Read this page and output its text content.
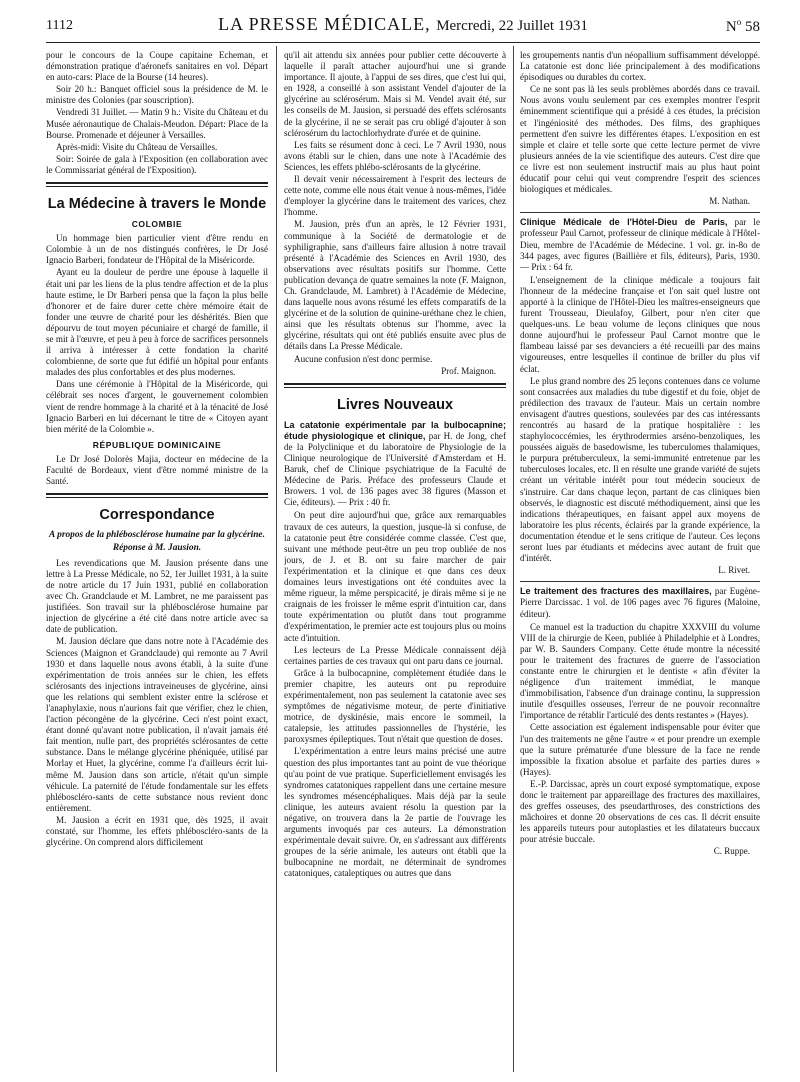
1112	LA PRESSE MÉDICALE, Mercredi, 22 Juillet 1931	$N^o$ 58

pour le concours de la Coupe capitaine Echeman, et démonstration pratique d'aéronefs sanitaires en vol. Départ en auto-cars: Place de la Bourse (14 heures).

Soir 20 h.: Banquet officiel sous la présidence de M. le ministre des Colonies (par souscription).

Vendredi 31 Juillet. — Matin 9 h.: Visite du Château et du Musée aéronautique de Chalais-Meudon. Départ: Place de la Bourse. Promenade et déjeuner à Versailles.

Après-midi: Visite du Château de Versailles.

Soir: Soirée de gala à l'Exposition (en collaboration avec le Commissariat général de l'Exposition).

La Médecine à travers le Monde
COLOMBIE

Un hommage bien particulier vient d'être rendu en Colombie à un de nos distingués confrères, le Dr José Ignacio Barberi, fondateur de l'Hôpital de la Miséricorde.

Ayant eu la douleur de perdre une épouse à laquelle il était uni par les liens de la plus tendre affection et de la plus haute estime, le Dr Barberi pensa que la façon la plus belle d'honorer et de faire durer cette chère mémoire était de fonder une œuvre de charité pour les déshérités. Bien que dépourvu de tout moyen pécuniaire et chargé de famille, il se mit à l'œuvre, et peu à peu à force de sacrifices personnels il arriva à intéresser à cette fondation la charité colombienne, de sorte que fut édifié un hôpital pour enfants malades des plus confortables et des plus modernes.

Dans une cérémonie à l'Hôpital de la Miséricorde, qui célébrait ses noces d'argent, le gouvernement colombien vient de rendre hommage à la charité et à la ténacité de José Ignacio Barberi en lui décernant le titre de « Citoyen ayant bien mérité de la Colombie ».

RÉPUBLIQUE DOMINICAINE

Le Dr José Dolorès Majia, docteur en médecine de la Faculté de Bordeaux, vient d'être nommé ministre de la Santé.

Correspondance
A propos de la phlébosclérose humaine par la glycérine.
Réponse à M. Jausion.

Les revendications que M. Jausion présente dans une lettre à La Presse Médicale, no 52, 1er Juillet 1931, à la suite de notre article du 17 Juin 1931, publié en collaboration avec Ch. Grandclaude et M. Lambret, ne me paraissent pas justifiées. Son travail sur la phlébosclérose humaine par injection de glycérine a été cité dans notre article avec sa date de publication.

M. Jausion déclare que dans notre note à l'Académie des Sciences (Maignon et Grandclaude) qui remonte au 7 Avril 1930 et dans laquelle nous avons établi, à la suite d'une expérimentation de trois années sur le chien, les effets sclérosants des injections intraveineuses de glycérine, ainsi que les relations qui semblent exister entre la sclérose et l'anaphylaxie, nous n'aurions fait que vérifier, chez le chien, l'action pécongène de la glycérine. Ceci n'est point exact, étant donné qu'avant notre publication, il n'avait jamais été fait mention, nulle part, des propriétés sclérosantes de cette substance. Dans le mélange glycérine phéniquée, utilisé par Morlay et Huet, la glycérine, comme l'a d'ailleurs écrit lui-même M. Jausion dans son article, n'était qu'un simple véhicule. La paternité de l'étude fondamentale sur les effets phléboscléro-sants de cette substance nous revient donc entièrement.

M. Jausion a écrit en 1931 que, dès 1925, il avait constaté, sur l'homme, les effets phléboscléro-sants de la glycérine. On comprend alors difficilement

qu'il ait attendu six années pour publier cette découverte à laquelle il paraît attacher aujourd'hui une si grande importance. Il ajoute, à l'appui de ses dires, que c'est lui qui, en 1928, a conseillé à son assistant Vendel d'ajouter de la glycérine au sclérosérum. Mais si M. Vendel avait été, sur les conseils de M. Jausion, si persuadé des effets sclérosants de la glycérine, il ne se serait pas cru obligé d'ajouter à son sclérosérum du lactochlorhydrate d'urée et de quinine.

Les faits se résument donc à ceci. Le 7 Avril 1930, nous avons établi sur le chien, dans une note à l'Académie des Sciences, les effets phlébo-sclérosants de la glycérine.

Il devait venir nécessairement à l'esprit des lecteurs de cette note, comme elle nous était venue à nous-mêmes, l'idée d'employer la glycérine dans le traitement des varices, chez l'homme.

M. Jausion, près d'un an après, le 12 Février 1931, communique à la Société de dermatologie et de syphiligraphie, sans d'ailleurs faire allusion à notre travail présenté à l'Académie des Sciences en Avril 1930, des observations avec résultats positifs sur l'homme. Cette publication devança de quatre semaines la note (F. Maignon, Ch. Grandclaude, M. Lambret) à l'Académie de Médecine, dans laquelle nous avons résumé les effets comparatifs de la glycérine et de la solution de quinine-uréthane chez le chien, ainsi que les résultats obtenus sur l'homme, avec la glycérine, résultats qui ont été publiés ensuite avec plus de détails dans La Presse Médicale.

Aucune confusion n'est donc permise.

Prof. Maignon.
Livres Nouveaux
La catatonie expérimentale par la bulbocapnine; étude physiologique et clinique, par H. de Jong, chef de la Polyclinique et du laboratoire de Physiologie de la Clinique neurologique de l'Université d'Amsterdam et H. Baruk, chef de Clinique psychiatrique de la Faculté de Médecine de Paris. Préface des professeurs Claude et Browers. 1 vol. de 136 pages avec 38 figures (Masson et Cie, éditeurs). — Prix : 40 fr.

On peut dire aujourd'hui que, grâce aux remarquables travaux de ces auteurs, la question, jusque-là si confuse, de la catatonie peut être considérée comme classée. C'est que, suivant une méthode peut-être un peu trop oubliée de nos jours, de J. et B. ont su faire marcher de pair l'expérimentation et la clinique et que dans ces deux domaines leurs investigations ont été conduites avec la même rigueur, la même perspicacité, je dirais même si je ne craignais de les froisser le même esprit d'intuition car, dans toute expérimentation ou plutôt dans tout programme d'expérimentation, le premier acte est toujours plus ou moins acte d'intuition.

Les lecteurs de La Presse Médicale connaissent déjà certaines parties de ces travaux qui ont paru dans ce journal.

Grâce à la bulbocapnine, complètement étudiée dans le premier chapitre, les auteurs ont pu reproduire expérimentalement, non pas seulement la catatonie avec ses symptômes de négativisme moteur, de perte d'initiative motrice, de dyskinésie, mais encore le sommeil, la catalepsie, les attitudes passionnelles de l'hystérie, les paroxysmes épileptiques. Tout n'était que question de doses.

L'expérimentation a entre leurs mains précisé une autre question des plus importantes tant au point de vue théorique qu'au point de vue pratique. Superficiellement envisagés les syndromes catatoniques rappellent dans une certaine mesure les syndromes mésencéphaliques. Mais déjà par la seule clinique, les auteurs avaient résolu la question par la négative, on trouvera dans la 2e partie de l'ouvrage les arguments invoqués par ces auteurs. La démonstration expérimentale devait suivre. Or, en s'adressant aux différents groupes de la série animale, les auteurs ont établi que la bulbocapnine ne mordait, ne déterminait de syndromes catatoniques, cataleptiques ou autres que dans

les groupements nantis d'un néopallium suffisamment développé. La catatonie est donc liée principalement à des modifications épisodiques ou durables du cortex.

Ce ne sont pas là les seuls problèmes abordés dans ce travail. Nous avons voulu seulement par ces exemples montrer l'esprit éminemment scientifique qui a présidé à ces études, la précision et l'ingéniosité des méthodes. Des films, des graphiques permettent d'en suivre les différentes étapes. L'exposition en est simple et claire et telle sorte que cette lecture permet de vivre plusieurs années de la vie scientifique des auteurs. C'est dire que ce livre est non seulement instructif mais au plus haut point éducatif pour celui qui veut comprendre l'esprit des sciences biologiques et médicales.

M. Nathan.
Clinique Médicale de l'Hôtel-Dieu de Paris, par le professeur Paul Carnot, professeur de clinique médicale à l'Hôtel-Dieu, membre de l'Académie de Médecine. 1 vol. gr. in-8o de 344 pages, avec figures (Baillière et fils, éditeurs), Paris, 1930. — Prix : 64 fr.

L'enseignement de la clinique médicale a toujours fait l'honneur de la médecine française et l'on sait quel lustre ont apporté à la clinique de l'Hôtel-Dieu les maîtres-enseigneurs que furent Trousseau, Dieulafoy, Gilbert, pour n'en citer que quelques-uns. Le beau volume de leçons cliniques que nous donne aujourd'hui le professeur Paul Carnot montre que le flambeau laissé par ses devanciers a été recueilli par des mains vigoureuses, entre lesquelles il continue de briller du plus vif éclat.

Le plus grand nombre des 25 leçons contenues dans ce volume sont consacrées aux maladies du tube digestif et du foie, objet de prédilection des travaux de l'auteur. Mais un certain nombre envisagent d'autres questions, soulevées par des cas intéressants rencontrés au hasard de la pratique hospitalière : les staphylococcémies, les érythrodermies arséno-benzoliques, les poussées aiguës de basedowisme, les tuberculomes thalamiques, le purpura prétuberculeux, la semi-immunité entretenue par les tuberculoses locales, etc. Il en résulte une grande variété de sujets créant un véritable intérêt pour tout médecin soucieux de s'instruire. Car dans chaque leçon, partant de cas cliniques bien observés, le diagnostic est discuté méthodiquement, ainsi que les indications thérapeutiques, en faisant appel aux moyens de laboratoire les plus récents, éclairés par la grande expérience, la documentation étendue et le sens critique de l'auteur. Ces leçons seront lues par étudiants et médecins avec autant de fruit que d'intérêt.

L. Rivet.
Le traitement des fractures des maxillaires, par Eugène-Pierre Darcissac. 1 vol. de 106 pages avec 76 figures (Maloine, éditeur).

Ce manuel est la traduction du chapitre XXXVIII du volume VIII de la chirurgie de Keen, publiée à Philadelphie et à Londres, par W. B. Saunders Company. Cette étude montre la nécessité pour le traitement des fractures de guerre de l'association constante entre le chirurgien et le dentiste « afin d'éviter la négligence d'un traitement immédiat, le manque d'immobilisation, l'absence d'un drainage continu, la suppression inutile d'esquilles osseuses, l'erreur de ne pouvoir reconnaître l'importance de rétablir l'articulé des dents restantes » (Hayes).

Cette association est également indispensable pour éviter que l'un des traitements ne gêne l'autre « et pour prendre un exemple que la suture prématurée d'une blessure de la face ne rende impossible la fixation absolue et parfaite des parties dures » (Hayes).

E.-P. Darcissac, après un court exposé symptomatique, expose donc le traitement par appareillage des fractures des maxillaires, des greffes osseuses, des pseudarthroses, des constrictions des mâchoires et donne 20 observations de ces cas. Il décrit ensuite les appareils tuteurs pour autoplasties et les dilatateurs buccaux pour atrésie buccale.

C. Ruppe.
